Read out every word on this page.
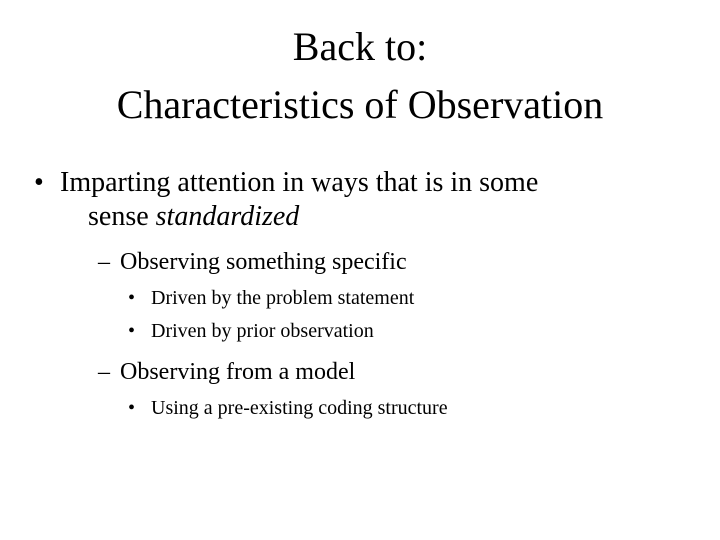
Back to:
Characteristics of Observation
• Imparting attention in ways that is in some
sense standardized
– Observing something specific
• Driven by the problem statement
• Driven by prior observation
– Observing from a model
• Using a pre-existing coding structure
